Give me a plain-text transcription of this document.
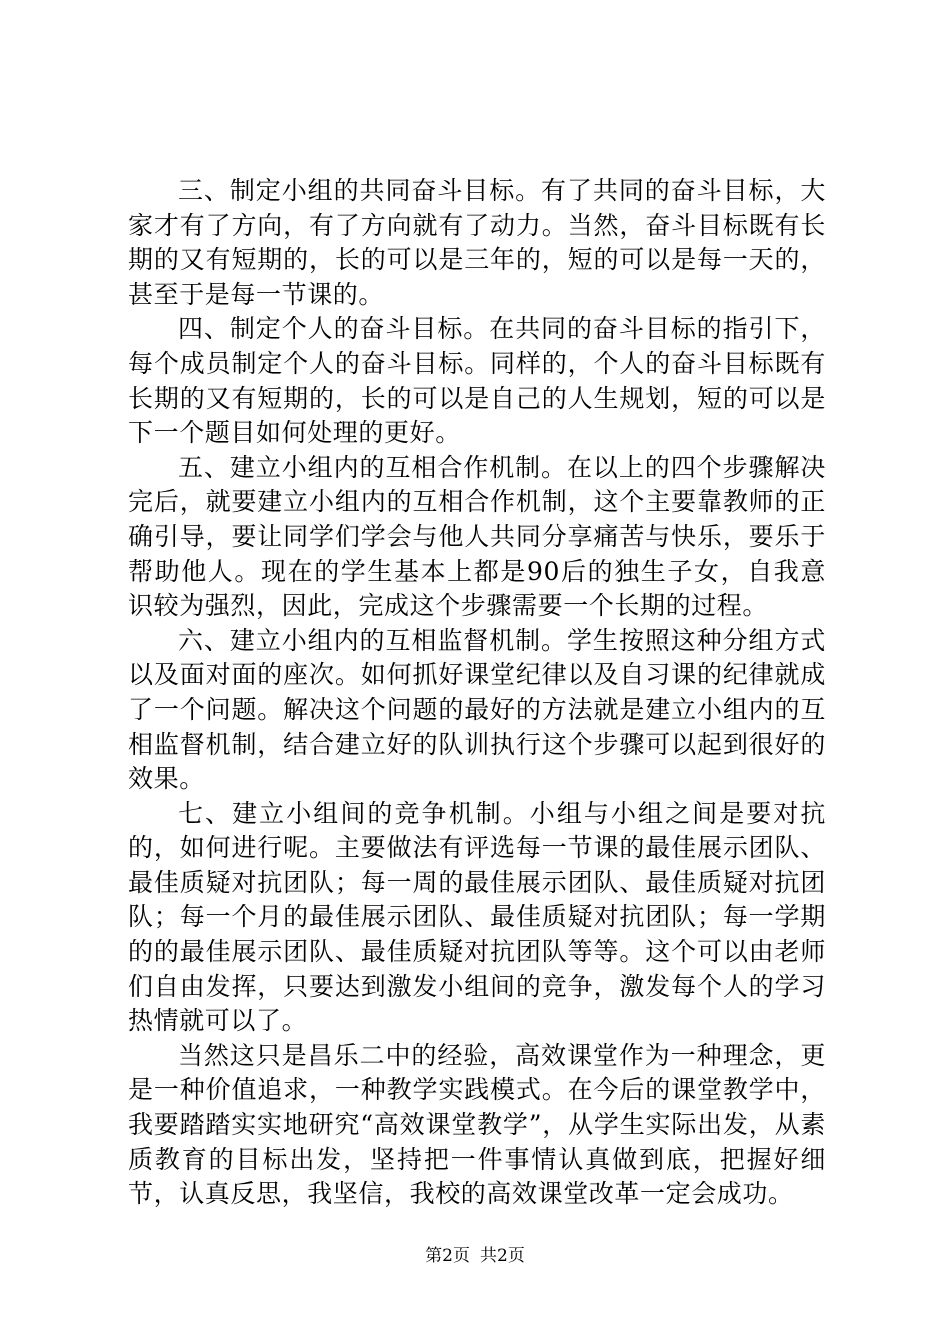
三、制定小组的共同奋斗目标。有了共同的奋斗目标，大家才有了方向，有了方向就有了动力。当然，奋斗目标既有长期的又有短期的，长的可以是三年的，短的可以是每一天的，甚至于是每一节课的。

四、制定个人的奋斗目标。在共同的奋斗目标的指引下，每个成员制定个人的奋斗目标。同样的，个人的奋斗目标既有长期的又有短期的，长的可以是自己的人生规划，短的可以是下一个题目如何处理的更好。

五、建立小组内的互相合作机制。在以上的四个步骤解决完后，就要建立小组内的互相合作机制，这个主要靠教师的正确引导，要让同学们学会与他人共同分享痛苦与快乐，要乐于帮助他人。现在的学生基本上都是90后的独生子女，自我意识较为强烈，因此，完成这个步骤需要一个长期的过程。

六、建立小组内的互相监督机制。学生按照这种分组方式以及面对面的座次。如何抓好课堂纪律以及自习课的纪律就成了一个问题。解决这个问题的最好的方法就是建立小组内的互相监督机制，结合建立好的队训执行这个步骤可以起到很好的效果。

七、建立小组间的竞争机制。小组与小组之间是要对抗的，如何进行呢。主要做法有评选每一节课的最佳展示团队、最佳质疑对抗团队；每一周的最佳展示团队、最佳质疑对抗团队；每一个月的最佳展示团队、最佳质疑对抗团队；每一学期的的最佳展示团队、最佳质疑对抗团队等等。这个可以由老师们自由发挥，只要达到激发小组间的竞争，激发每个人的学习热情就可以了。

当然这只是昌乐二中的经验，高效课堂作为一种理念，更是一种价值追求，一种教学实践模式。在今后的课堂教学中，我要踏踏实实地研究“高效课堂教学”，从学生实际出发，从素质教育的目标出发，坚持把一件事情认真做到底，把握好细节，认真反思，我坚信，我校的高效课堂改革一定会成功。

第2页 共2页
